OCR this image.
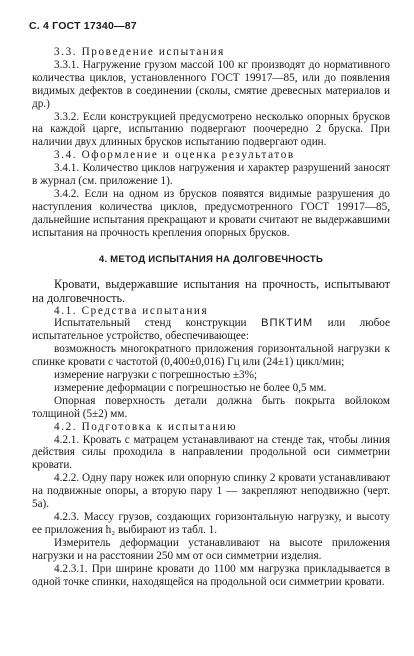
С. 4 ГОСТ 17340—87

3.3. Проведение испытания

3.3.1. Нагружение грузом массой 100 кг производят до нормативного количества циклов, установленного ГОСТ 19917—85, или до появления видимых дефектов в соединении (сколы, смятие древесных материалов и др.)

3.3.2. Если конструкцией предусмотрено несколько опорных брусков на каждой царге, испытанию подвергают поочередно 2 бруска. При наличии двух длинных брусков испытанию подвергают один.

3.4. Оформление и оценка результатов

3.4.1. Количество циклов нагружения и характер разрушений заносят в журнал (см. приложение 1).

3.4.2. Если на одном из брусков появятся видимые разрушения до наступления количества циклов, предусмотренного ГОСТ 19917—85, дальнейшие испытания прекращают и кровати считают не выдержавшими испытания на прочность крепления опорных брусков.

4. МЕТОД ИСПЫТАНИЯ НА ДОЛГОВЕЧНОСТЬ

Кровати, выдержавшие испытания на прочность, испытывают на долговечность.

4.1. Средства испытания

Испытательный стенд конструкции ВПКТИМ или любое испытательное устройство, обеспечивающее:

возможность многократного приложения горизонтальной нагрузки к спинке кровати с частотой (0,400±0,016) Гц или (24±1) цикл/мин;

измерение нагрузки с погрешностью ±3%;

измерение деформации с погрешностью не более 0,5 мм.

Опорная поверхность детали должна быть покрыта войлоком толщиной (5±2) мм.

4.2. Подготовка к испытанию

4.2.1. Кровать с матрацем устанавливают на стенде так, чтобы линия действия силы проходила в направлении продольной оси симметрии кровати.

4.2.2. Одну пару ножек или опорную спинку 2 кровати устанавливают на подвижные опоры, а вторую пару 1 — закрепляют неподвижно (черт. 5а).

4.2.3. Массу грузов, создающих горизонтальную нагрузку, и высоту ее приложения h₂ выбирают из табл. 1.

Измеритель деформации устанавливают на высоте приложения нагрузки и на расстоянии 250 мм от оси симметрии изделия.

4.2.3.1. При ширине кровати до 1100 мм нагрузка прикладывается в одной точке спинки, находящейся на продольной оси симметрии кровати.
